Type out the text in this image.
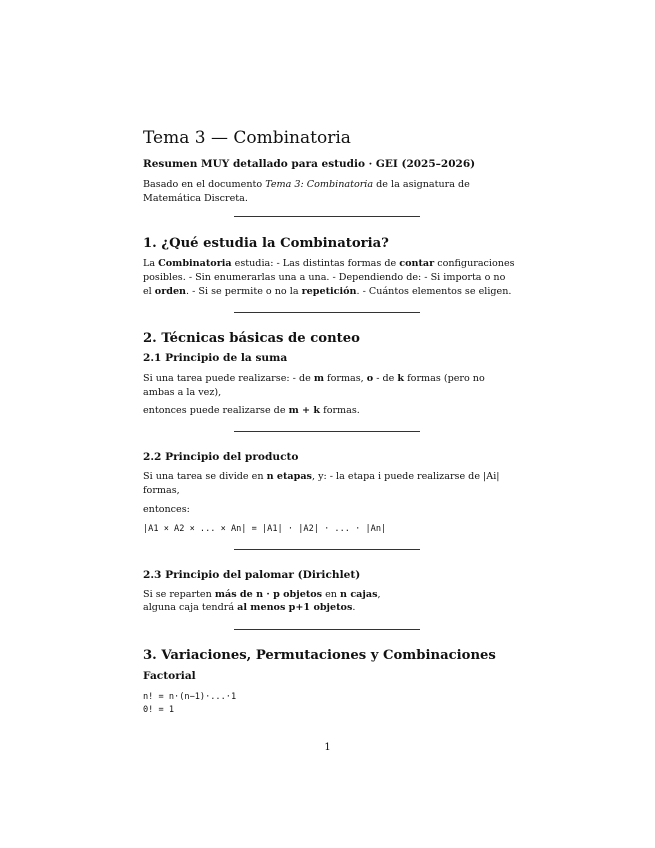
Tema 3 — Combinatoria
Resumen MUY detallado para estudio · GEI (2025–2026)

Basado en el documento Tema 3: Combinatoria de la asignatura de Matemática Discreta.

1. ¿Qué estudia la Combinatoria?

La Combinatoria estudia: - Las distintas formas de contar configuraciones posibles. - Sin enumerarlas una a una. - Dependiendo de: - Si importa o no el orden. - Si se permite o no la repetición. - Cuántos elementos se eligen.

2. Técnicas básicas de conteo
2.1 Principio de la suma

Si una tarea puede realizarse: - de m formas, o - de k formas (pero no ambas a la vez),

entonces puede realizarse de m + k formas.

2.2 Principio del producto

Si una tarea se divide en n etapas, y: - la etapa i puede realizarse de |Ai| formas,

entonces:

|A1 × A2 × ... × An| = |A1| · |A2| · ... · |An|
2.3 Principio del palomar (Dirichlet)

Si se reparten más de n · p objetos en n cajas,

alguna caja tendrá al menos p+1 objetos.

3. Variaciones, Permutaciones y Combinaciones
Factorial
n! = n·(n−1)·...·1
0! = 1
1
